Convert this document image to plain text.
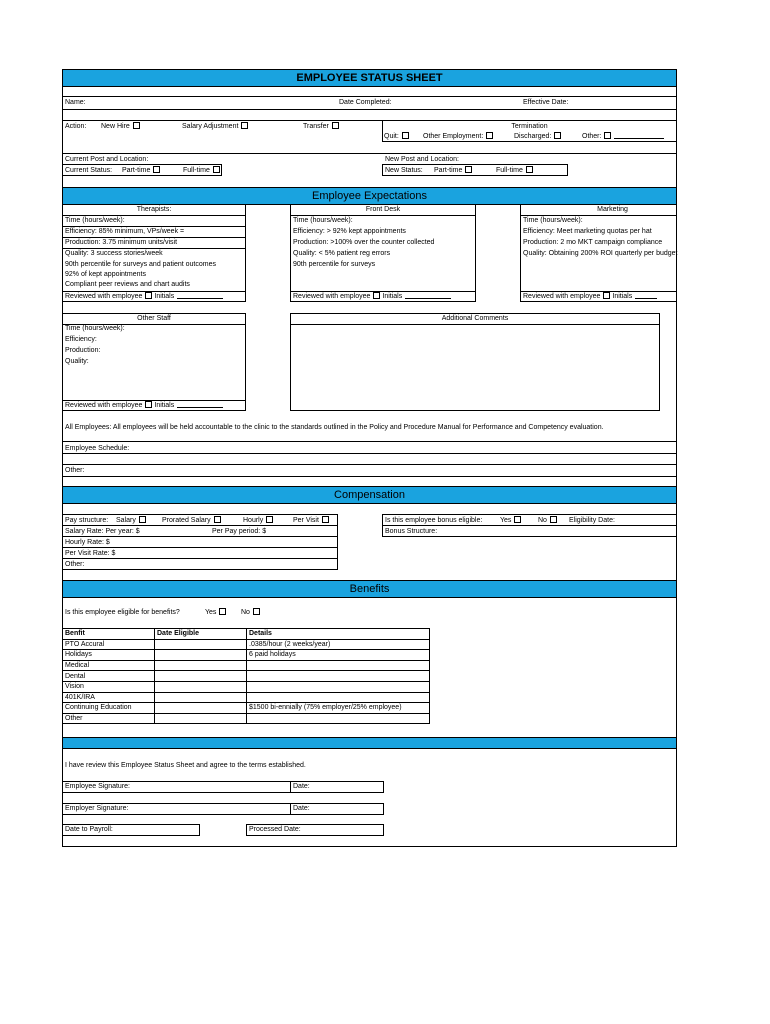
EMPLOYEE STATUS SHEET
Name:	Date Completed:	Effective Date:
Action: New Hire	Salary Adjustment	Transfer	Termination
Quit:	Other Employment:	Discharged:	Other:
Current Post and Location:
Current Status: Part-time	Full-time
New Post and Location:
New Status: Part-time	Full-time
Employee Expectations
Therapists:
Time (hours/week):
Efficiency: 85% minimum, VPs/week =
Production: 3.75 minimum units/visit
Quality: 3 success stories/week
90th percentile for surveys and patient outcomes
92% of kept appointments
Compliant peer reviews and chart audits
Reviewed with employee Initials
Front Desk
Time (hours/week):
Efficiency: > 92% kept appointments
Production: >100% over the counter collected
Quality: < 5% patient reg errors
90th percentile for surveys
Reviewed with employee Initials
Marketing
Time (hours/week):
Efficiency: Meet marketing quotas per hat
Production: 2 mo MKT campaign compliance
Quality: Obtaining 200% ROI quarterly per budget
Reviewed with employee Initials
Other Staff
Time (hours/week):
Efficiency:
Production:
Quality:
Reviewed with employee Initials
Additional Comments
All Employees: All employees will be held accountable to the clinic to the standards outlined in the Policy and Procedure Manual for Performance and Competency evaluation.
Employee Schedule:
Other:
Compensation
Pay structure: Salary	Prorated Salary	Hourly	Per Visit
Salary Rate: Per year: $	Per Pay period: $
Hourly Rate: $
Per Visit Rate: $
Other:
Is this employee bonus eligible:	Yes	No	Eligibility Date:
Bonus Structure:
Benefits
Is this employee eligible for benefits?	Yes	No
Benfit	Date Eligible	Details
PTO Accural		.0385/hour (2 weeks/year)
Holidays		6 paid holidays
Medical		
Dental		
Vision		
401K/IRA		
Continuing Education		$1500 bi-ennially (75% employer/25% employee)
Other		
I have review this Employee Status Sheet and agree to the terms established.
Employee Signature:	Date:
Employer Signature:	Date:
Date to Payroll:	Processed Date:
